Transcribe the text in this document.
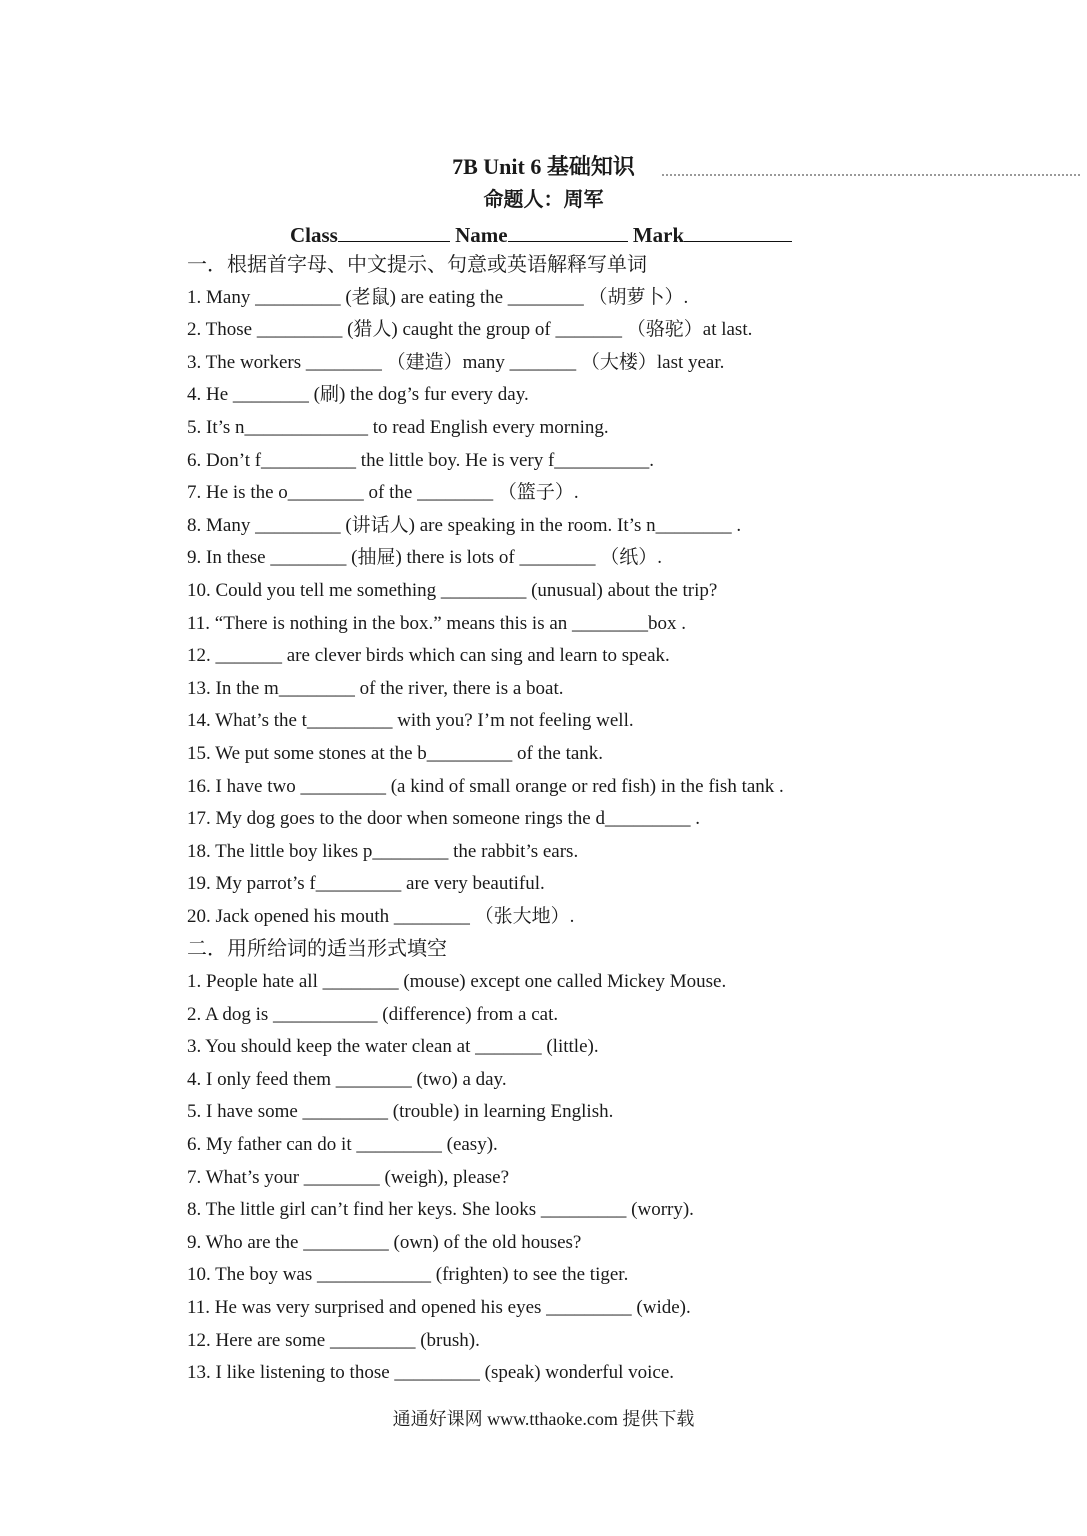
7B Unit 6 基础知识
命题人：周军
Class	Name	Mark
一．根据首字母、中文提示、句意或英语解释写单词
1. Many _________ (老鼠) are eating the ________ （胡萝卜）.
2. Those _________ (猎人) caught the group of _______ （骆驼）at last.
3. The workers ________ （建造）many _______ （大楼）last year.
4. He ________ (刷) the dog’s fur every day.
5. It’s n_____________ to read English every morning.
6. Don’t f__________ the little boy. He is very f__________.
7. He is the o________ of the ________ （篮子）.
8. Many _________ (讲话人) are speaking in the room. It’s n________ .
9. In these ________ (抽屉) there is lots of ________ （纸）.
10. Could you tell me something _________ (unusual) about the trip?
11. “There is nothing in the box.” means this is an ________box .
12. _______ are clever birds which can sing and learn to speak.
13. In the m________ of the river, there is a boat.
14. What’s the t_________ with you? I’m not feeling well.
15. We put some stones at the b_________ of the tank.
16. I have two _________ (a kind of small orange or red fish) in the fish tank .
17. My dog goes to the door when someone rings the d_________ .
18. The little boy likes p________ the rabbit’s ears.
19. My parrot’s f_________ are very beautiful.
20. Jack opened his mouth ________ （张大地）.
二．用所给词的适当形式填空
1. People hate all ________ (mouse) except one called Mickey Mouse.
2. A dog is ___________ (difference) from a cat.
3. You should keep the water clean at _______ (little).
4. I only feed them ________ (two) a day.
5. I have some _________ (trouble) in learning English.
6. My father can do it _________ (easy).
7. What’s your ________ (weigh), please?
8. The little girl can’t find her keys. She looks _________ (worry).
9. Who are the _________ (own) of the old houses?
10. The boy was ____________ (frighten) to see the tiger.
11. He was very surprised and opened his eyes _________ (wide).
12. Here are some _________ (brush).
13. I like listening to those _________ (speak) wonderful voice.
通通好课网 www.tthaoke.com 提供下载
